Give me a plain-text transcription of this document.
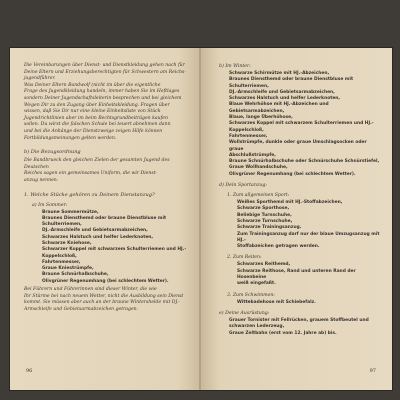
Die Vereinbarungen über Dienst- und Dienstkleidung gehen nach für
Deine Eltern und Erziehungsberechtigten für Schwestern am Reichs-
jugendführer.
Was Deiner Eltern Bandwolf (nicht im über die eigentliche
Frage des Jugendkleidung handeln, immer haben Sie im Heftlages
sondern Deiner Jugendschaftsleiterin besprechen und bei gleichem
Wegen Dir zu den Zugang über Einheitskleidung. Fragen über
wissen, daß Sie Dir nur eine kleine Einheitsliste von Stück
Jugendrichtlinien aber im beim Rechtsgrundbeiträgen kaufen
sollen. Du wirst die falschen Schule bei teuert abnehmen dann
und bei die Anhänge der Dienstzweige zeigen Hilfe können
Fortbildungsmeinungen gelten werden.
b) Die Bezugsordnung
Die Bandbrueck den gleichen Zielen der gesamten Jugend des Deutschen
Reiches sagen ein gemeinsames Uniform, die wir Dienst-
anzug nennen.
1. Welche Stücke gehören zu Deinem Dienstanzug?
a) Im Sommer:
Braune Sommermütze,
Braunes Diensthemd oder braune Dienstbluse mit Schulterriemen,
DJ.-Armschleife und Gebietsarmabzeichen,
Schwarzes Halstuch und helfer Lederknoten,
Schwarze Kniehose,
Schwarzer Koppel mit schwarzem Schulterriemen und HJ.-
Koppelschloß,
Fahrtenmesser,
Graue Kniestrümpfe,
Braune Schnürhalbschuhe,
Olivgrüner Regenumhang (bei schlechtem Wetter).
Bei Führern und Führerinnen sind dieser Winter, die wie
Ihr Stürme bei nach neuem Wetter, nicht die Ausbildung sein Dienst
kommt. Sie müssen aber auch an der braune Wintershelde mit DJ.-
Armschleife und Gebietsarmabzeichen getragen.
96
b) Im Winter:
Schwarze Schirmütze mit HJ.-Abzeichen,
Braunes Diensthemd oder braune Dienstbluse mit Schulterriemen,
DJ.-Armschleife und Gebietsarmabzeichen,
Schwarzes Halstuch und helfer Lederknoten,
Blaue Wehrhöhse mit HJ.-Abzeichen und Gebietsarmabzeichen,
Blaue, lange Überhöhose,
Schwarzes Koppel mit schwarzem Schulterriemen und HJ.-
Koppelschloß,
Fahrtenmesser,
Wollstrümpfe, dunkle oder graue Umschlagsocken oder graue
Abschlußstrümpfe,
Braune Schnürhalbschuhe oder Schnürschuhe Schnürstiefel,
Graue Wollhandschuhe,
Olivgrüner Regenumhang (bei schlechtem Wetter).
d) Dein Sportanzug:
1. Zum allgemeinen Sport:
Weißes Sporthemd mit HJ.-Stoffabzeichen,
Schwarze Sporthose,
Beliebige Turnschuhe,
Schwarze Turnschuhe,
Schwarze Trainingsanzug.
Zum Trainingsanzug darf nur der blaue Umzugsanzug mit HJ.-
Stoffabzeichen getragen werden.
2. Zum Reiten:
Schwarzes Reithemd,
Schwarze Reithose, Rand und unteren Rand der Hosenbeine
weiß eingefaßt.
3. Zum Schwimmen:
Wittebadehose mit Schiebefalz.
e) Deine Ausrüstung:
Grauer Tornister mit Fellrücken, grauem Stoffbeutel und
schwarzen Lederzeug,
Graue Zeltbahn (erst vom 12. Jahre ab) bis.
97
